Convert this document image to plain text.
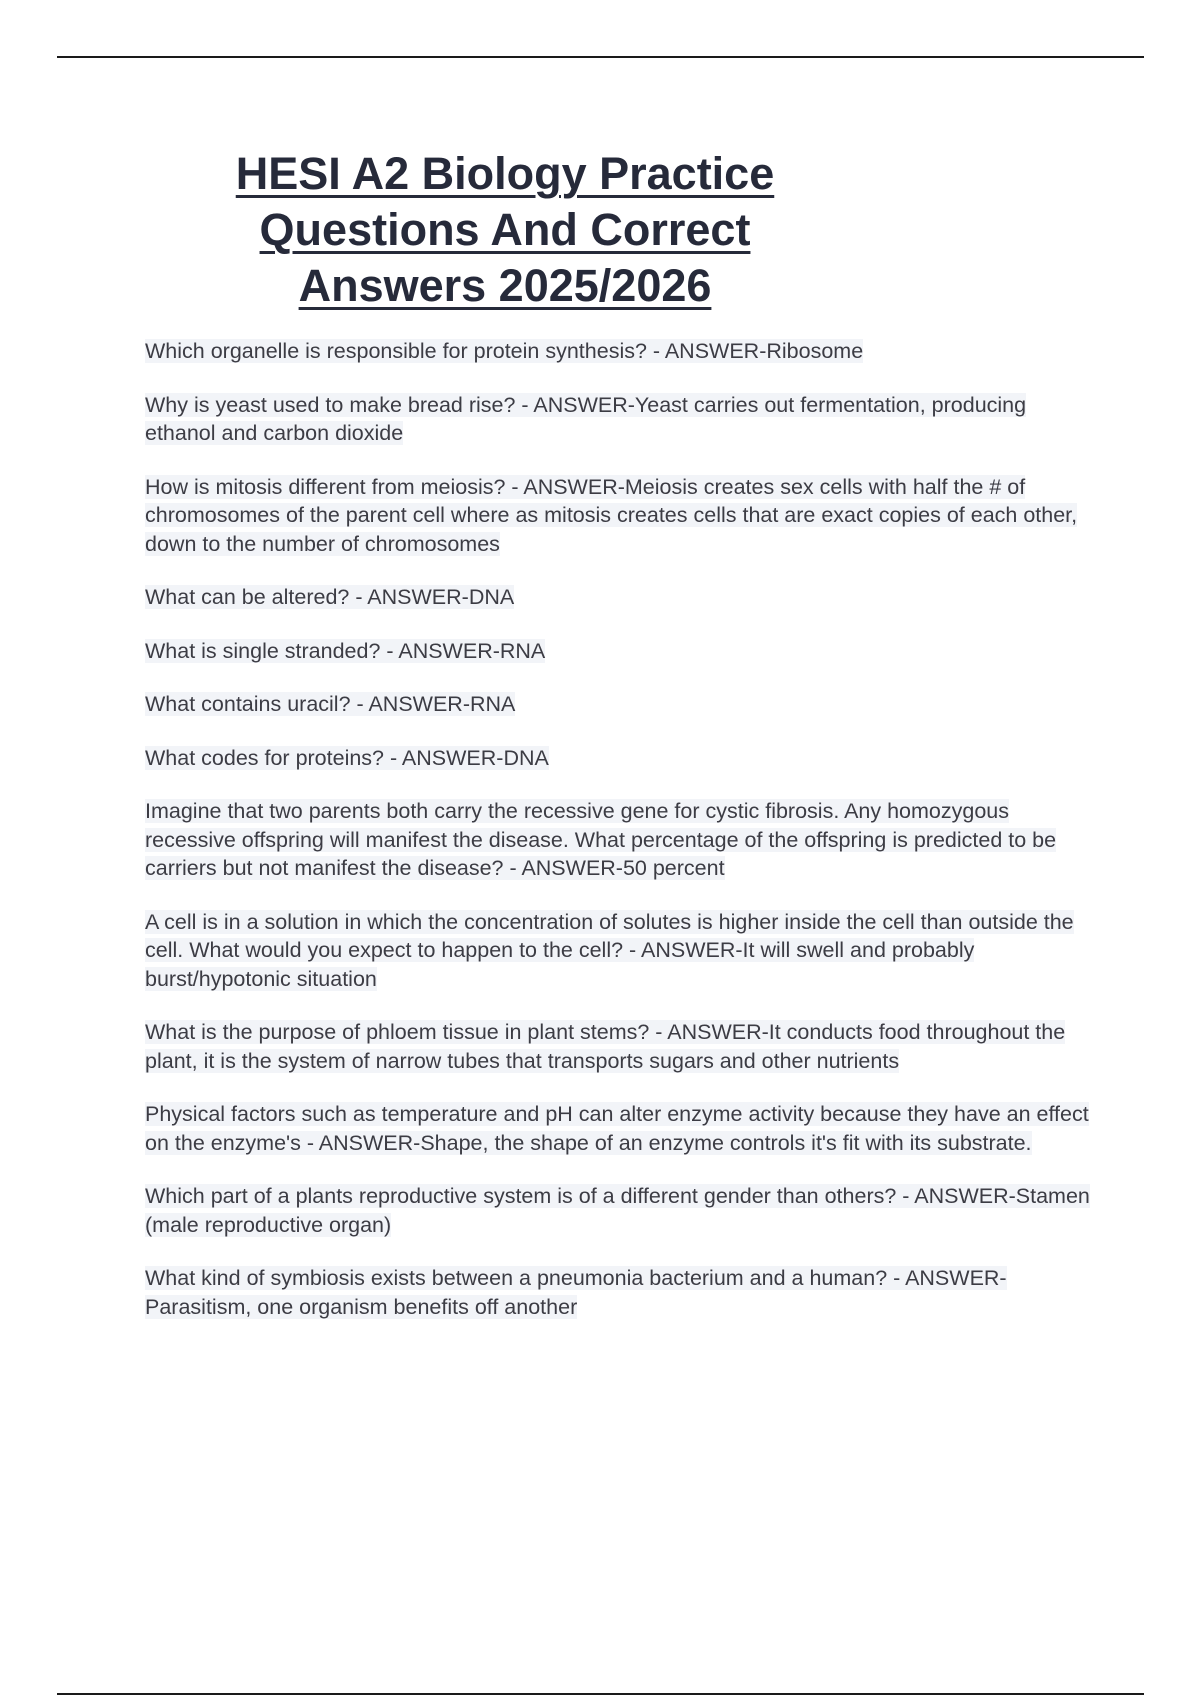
HESI A2 Biology Practice
Questions And Correct
Answers 2025/2026
Which organelle is responsible for protein synthesis? - ANSWER-Ribosome
Why is yeast used to make bread rise? - ANSWER-Yeast carries out fermentation, producing ethanol and carbon dioxide
How is mitosis different from meiosis? - ANSWER-Meiosis creates sex cells with half the # of chromosomes of the parent cell where as mitosis creates cells that are exact copies of each other, down to the number of chromosomes
What can be altered? - ANSWER-DNA
What is single stranded? - ANSWER-RNA
What contains uracil? - ANSWER-RNA
What codes for proteins? - ANSWER-DNA
Imagine that two parents both carry the recessive gene for cystic fibrosis. Any homozygous recessive offspring will manifest the disease. What percentage of the offspring is predicted to be carriers but not manifest the disease? - ANSWER-50 percent
A cell is in a solution in which the concentration of solutes is higher inside the cell than outside the cell. What would you expect to happen to the cell? - ANSWER-It will swell and probably burst/hypotonic situation
What is the purpose of phloem tissue in plant stems? - ANSWER-It conducts food throughout the plant, it is the system of narrow tubes that transports sugars and other nutrients
Physical factors such as temperature and pH can alter enzyme activity because they have an effect on the enzyme's - ANSWER-Shape, the shape of an enzyme controls it's fit with its substrate.
Which part of a plants reproductive system is of a different gender than others? - ANSWER-Stamen (male reproductive organ)
What kind of symbiosis exists between a pneumonia bacterium and a human? - ANSWER-Parasitism, one organism benefits off another
